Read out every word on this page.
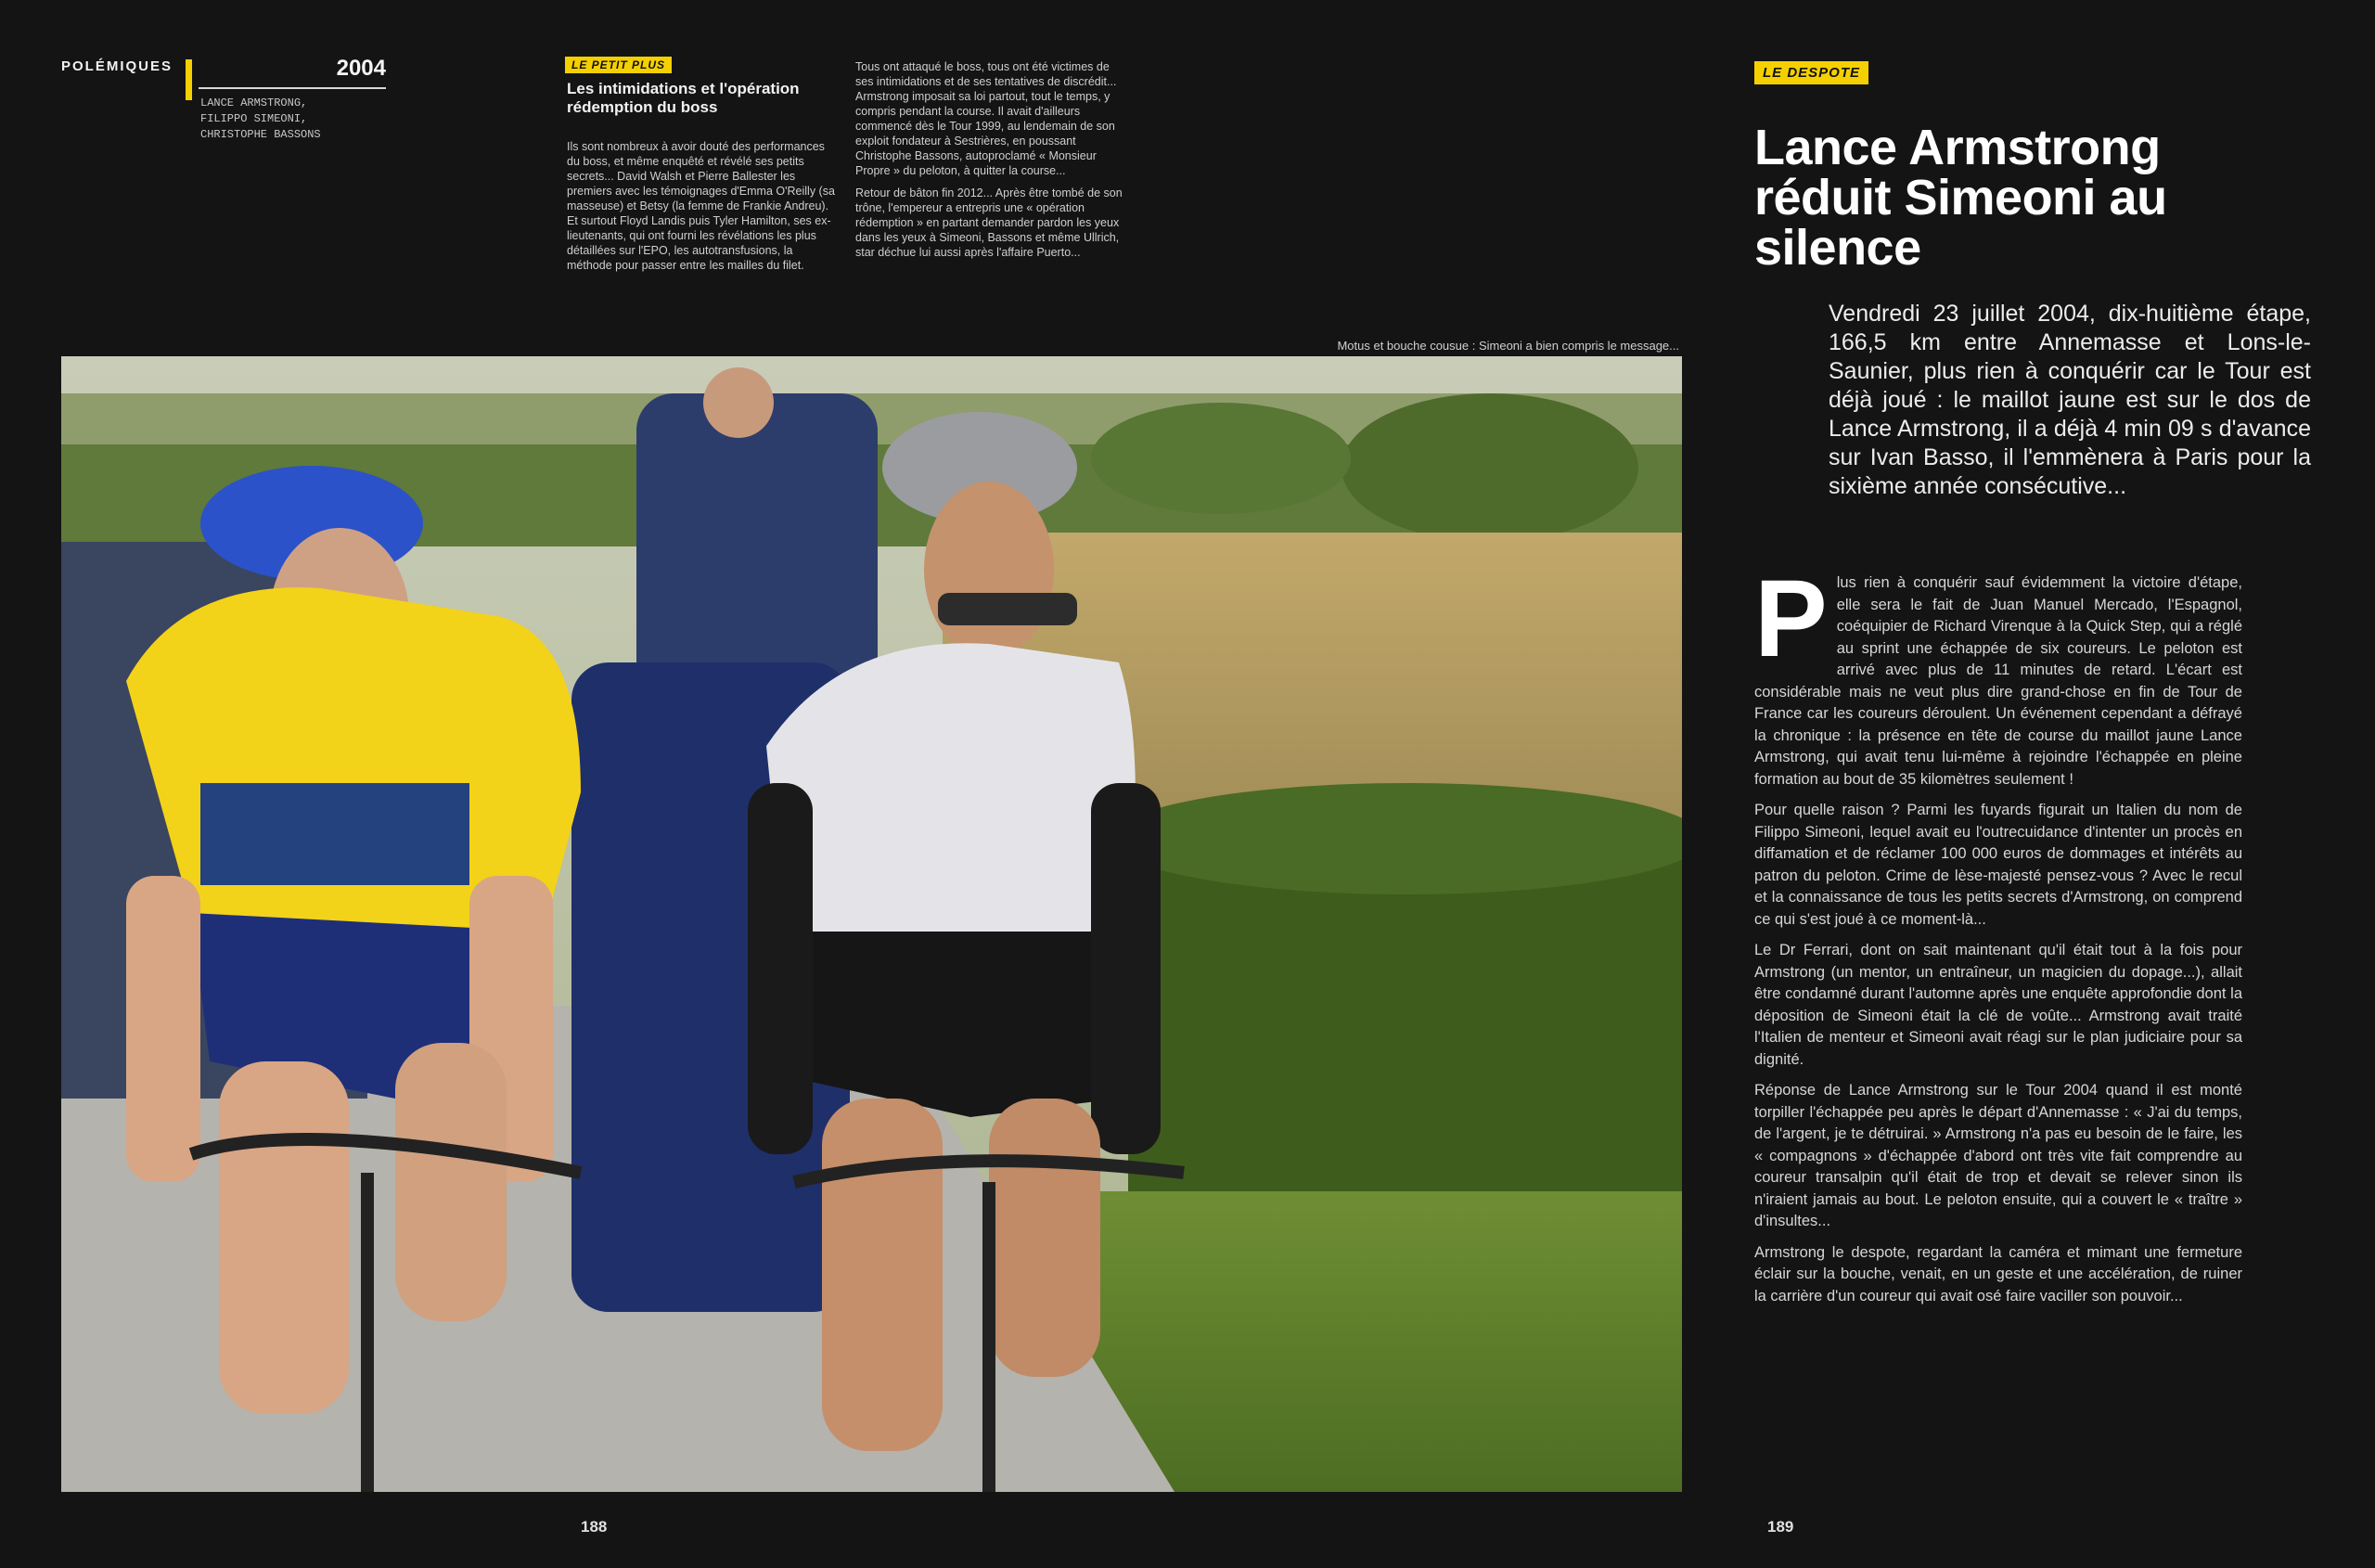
POLÉMIQUES	2004
LANCE ARMSTRONG,
FILIPPO SIMEONI,
CHRISTOPHE BASSONS
LE PETIT PLUS
Les intimidations et l'opération rédemption du boss
Ils sont nombreux à avoir douté des performances du boss, et même enquêté et révélé ses petits secrets... David Walsh et Pierre Ballester les premiers avec les témoignages d'Emma O'Reilly (sa masseuse) et Betsy (la femme de Frankie Andreu). Et surtout Floyd Landis puis Tyler Hamilton, ses ex-lieutenants, qui ont fourni les révélations les plus détaillées sur l'EPO, les autotransfusions, la méthode pour passer entre les mailles du filet.

Tous ont attaqué le boss, tous ont été victimes de ses intimidations et de ses tentatives de discrédit... Armstrong imposait sa loi partout, tout le temps, y compris pendant la course. Il avait d'ailleurs commencé dès le Tour 1999, au lendemain de son exploit fondateur à Sestrières, en poussant Christophe Bassons, autoproclamé « Monsieur Propre » du peloton, à quitter la course...

Retour de bâton fin 2012... Après être tombé de son trône, l'empereur a entrepris une « opération rédemption » en partant demander pardon les yeux dans les yeux à Simeoni, Bassons et même Ullrich, star déchue lui aussi après l'affaire Puerto...

Motus et bouche cousue : Simeoni a bien compris le message...
188	189
LE DESPOTE
Lance Armstrong réduit Simeoni au silence
Vendredi 23 juillet 2004, dix-huitième étape, 166,5 km entre Annemasse et Lons-le-Saunier, plus rien à conquérir car le Tour est déjà joué : le maillot jaune est sur le dos de Lance Armstrong, il a déjà 4 min 09 s d'avance sur Ivan Basso, il l'emmènera à Paris pour la sixième année consécutive...

Plus rien à conquérir sauf évidemment la victoire d'étape, elle sera le fait de Juan Manuel Mercado, l'Espagnol, coéquipier de Richard Virenque à la Quick Step, qui a réglé au sprint une échappée de six coureurs. Le peloton est arrivé avec plus de 11 minutes de retard. L'écart est considérable mais ne veut plus dire grand-chose en fin de Tour de France car les coureurs déroulent. Un événement cependant a défrayé la chronique : la présence en tête de course du maillot jaune Lance Armstrong, qui avait tenu lui-même à rejoindre l'échappée en pleine formation au bout de 35 kilomètres seulement !

Pour quelle raison ? Parmi les fuyards figurait un Italien du nom de Filippo Simeoni, lequel avait eu l'outrecuidance d'intenter un procès en diffamation et de réclamer 100 000 euros de dommages et intérêts au patron du peloton. Crime de lèse-majesté pensez-vous ? Avec le recul et la connaissance de tous les petits secrets d'Armstrong, on comprend ce qui s'est joué à ce moment-là...

Le Dr Ferrari, dont on sait maintenant qu'il était tout à la fois pour Armstrong (un mentor, un entraîneur, un magicien du dopage...), allait être condamné durant l'automne après une enquête approfondie dont la déposition de Simeoni était la clé de voûte... Armstrong avait traité l'Italien de menteur et Simeoni avait réagi sur le plan judiciaire pour sa dignité.

Réponse de Lance Armstrong sur le Tour 2004 quand il est monté torpiller l'échappée peu après le départ d'Annemasse : « J'ai du temps, de l'argent, je te détruirai. » Armstrong n'a pas eu besoin de le faire, les « compagnons » d'échappée d'abord ont très vite fait comprendre au coureur transalpin qu'il était de trop et devait se relever sinon ils n'iraient jamais au bout. Le peloton ensuite, qui a couvert le « traître » d'insultes...

Armstrong le despote, regardant la caméra et mimant une fermeture éclair sur la bouche, venait, en un geste et une accélération, de ruiner la carrière d'un coureur qui avait osé faire vaciller son pouvoir...
